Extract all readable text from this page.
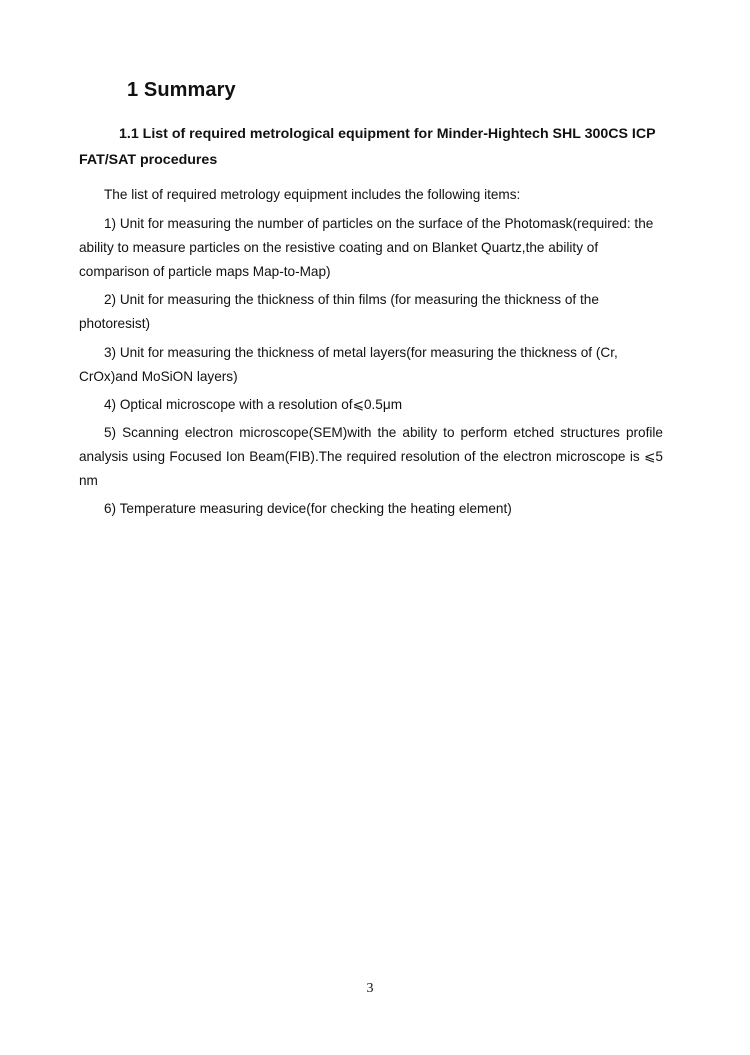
1 Summary
1.1 List of required metrological equipment for Minder-Hightech SHL 300CS ICP FAT/SAT procedures

The list of required metrology equipment includes the following items:

1) Unit for measuring the number of particles on the surface of the Photomask(required: the ability to measure particles on the resistive coating and on Blanket Quartz,the ability of comparison of particle maps Map-to-Map)

2) Unit for measuring the thickness of thin films (for measuring the thickness of the photoresist)

3) Unit for measuring the thickness of metal layers(for measuring the thickness of (Cr, CrOx)and MoSiON layers)

4) Optical microscope with a resolution of⩽0.5μm

5) Scanning electron microscope(SEM)with the ability to perform etched structures profile analysis using Focused Ion Beam(FIB).The required resolution of the electron microscope is ⩽5 nm

6) Temperature measuring device(for checking the heating element)

3
